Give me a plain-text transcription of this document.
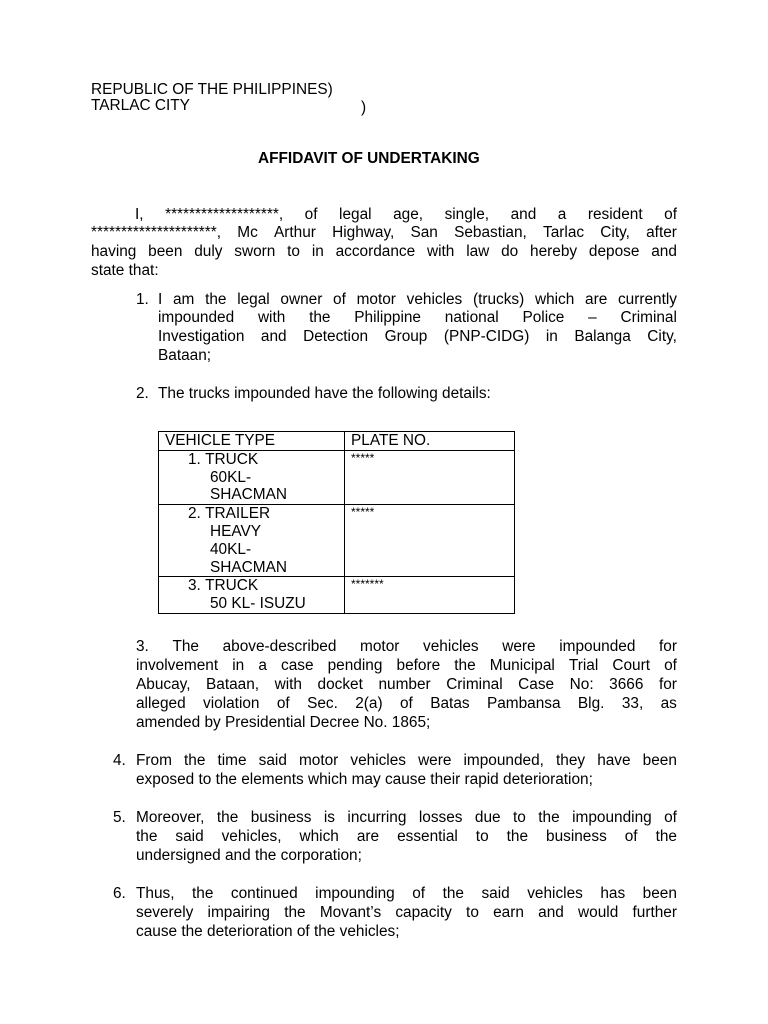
REPUBLIC OF THE PHILIPPINES)
TARLAC CITY	)
AFFIDAVIT OF UNDERTAKING
I, *******************, of legal age, single, and a resident of
*********************, Mc Arthur Highway, San Sebastian, Tarlac City, after
having been duly sworn to in accordance with law do hereby depose and
state that:
1. I am the legal owner of motor vehicles (trucks) which are currently
impounded with the Philippine national Police – Criminal
Investigation and Detection Group (PNP-CIDG) in Balanga City,
Bataan;
2. The trucks impounded have the following details:
VEHICLE TYPE	PLATE NO.

1. TRUCK
60KL-
SHACMAN	*****

2. TRAILER
HEAVY
40KL-
SHACMAN	*****

3. TRUCK
50 KL- ISUZU	*******
3. The above-described motor vehicles were impounded for
involvement in a case pending before the Municipal Trial Court of
Abucay, Bataan, with docket number Criminal Case No: 3666 for
alleged violation of Sec. 2(a) of Batas Pambansa Blg. 33, as
amended by Presidential Decree No. 1865;
4. From the time said motor vehicles were impounded, they have been
exposed to the elements which may cause their rapid deterioration;
5. Moreover, the business is incurring losses due to the impounding of
the said vehicles, which are essential to the business of the
undersigned and the corporation;
6. Thus, the continued impounding of the said vehicles has been
severely impairing the Movant’s capacity to earn and would further
cause the deterioration of the vehicles;
